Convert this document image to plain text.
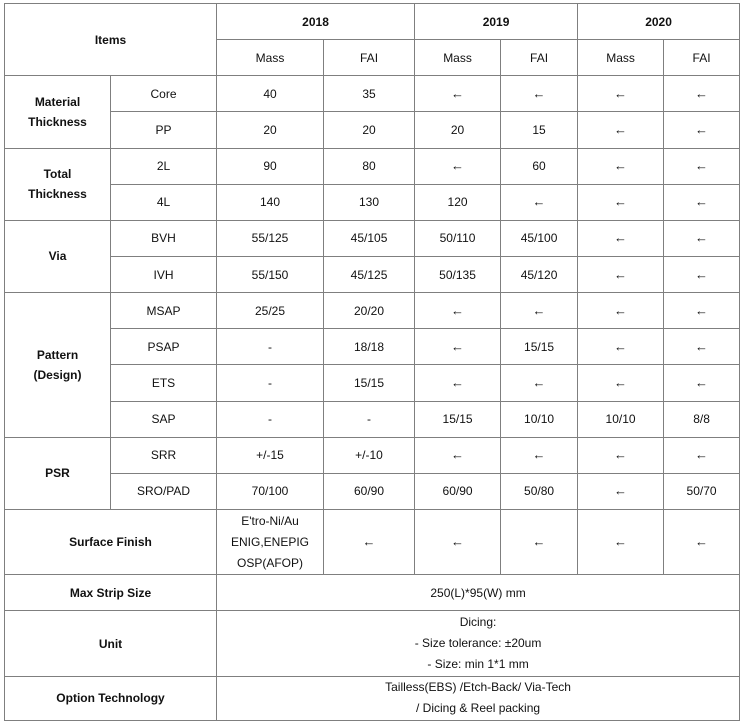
Items		2018		2019		2020	
		Mass	FAI	Mass	FAI	Mass	FAI

Material
Thickness	Core	40	35	←	←	←	←
	PP	20	20	20	15	←	←

Total
Thickness	2L	90	80	←	60	←	←
	4L	140	130	120	←	←	←

Via	BVH	55/125	45/105	50/110	45/100	←	←
	IVH	55/150	45/125	50/135	45/120	←	←

Pattern
(Design)	MSAP	25/25	20/20	←	←	←	←
	PSAP	-	18/18	←	15/15	←	←
	ETS	-	15/15	←	←	←	←
	SAP	-	-	15/15	10/10	10/10	8/8

PSR	SRR	+/-15	+/-10	←	←	←	←
	SRO/PAD	70/100	60/90	60/90	50/80	←	50/70
Surface Finish		E'tro-Ni/Au
ENIG,ENEPIG
OSP(AFOP)	←	←	←	←	←
Max Strip Size		250(L)*95(W) mm					
Unit		Dicing:
- Size tolerance: ±20um
- Size: min 1*1 mm					

Option Technology		Tailless(EBS) /Etch-Back/ Via-Tech
/ Dicing & Reel packing					
